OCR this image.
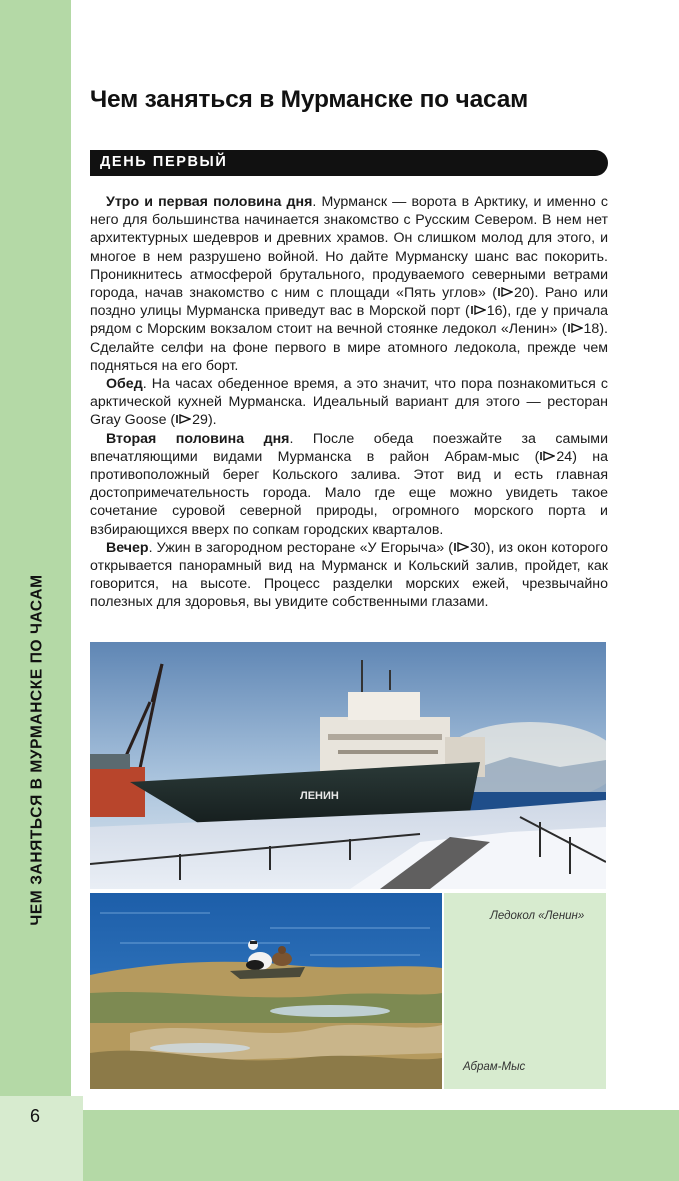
ЧЕМ ЗАНЯТЬСЯ В МУРМАНСКЕ ПО ЧАСАМ
6
Чем заняться в Мурманске по часам
ДЕНЬ ПЕРВЫЙ

Утро и первая половина дня. Мурманск — ворота в Арктику, и именно с него для большинства начинается знакомство с Русским Севером. В нем нет архитектурных шедевров и древних храмов. Он слишком молод для этого, и многое в нем разрушено войной. Но дайте Мурманску шанс вас покорить. Проникнитесь атмосферой брутального, продуваемого северными ветрами города, начав знакомство с ним с площади «Пять углов» ( 20). Рано или поздно улицы Мурманска приведут вас в Морской порт ( 16), где у причала рядом с Морским вокзалом стоит на вечной стоянке ледокол «Ленин» ( 18). Сделайте селфи на фоне первого в мире атомного ледокола, прежде чем подняться на его борт.

Обед. На часах обеденное время, а это значит, что пора познакомиться с арктической кухней Мурманска. Идеальный вариант для этого — ресторан Gray Goose ( 29).

Вторая половина дня. После обеда поезжайте за самыми впечатляющими видами Мурманска в район Абрам-мыс ( 24) на противоположный берег Кольского залива. Этот вид и есть главная достопримечательность города. Мало где еще можно увидеть такое сочетание суровой северной природы, огромного морского порта и взбирающихся вверх по сопкам городских кварталов.

Вечер. Ужин в загородном ресторане «У Егорыча» ( 30), из окон которого открывается панорамный вид на Мурманск и Кольский залив, пройдет, как говорится, на высоте. Процесс разделки морских ежей, чрезвычайно полезных для здоровья, вы увидите собственными глазами.

ЛЕНИН
Ледокол «Ленин»
Абрам-Мыс
